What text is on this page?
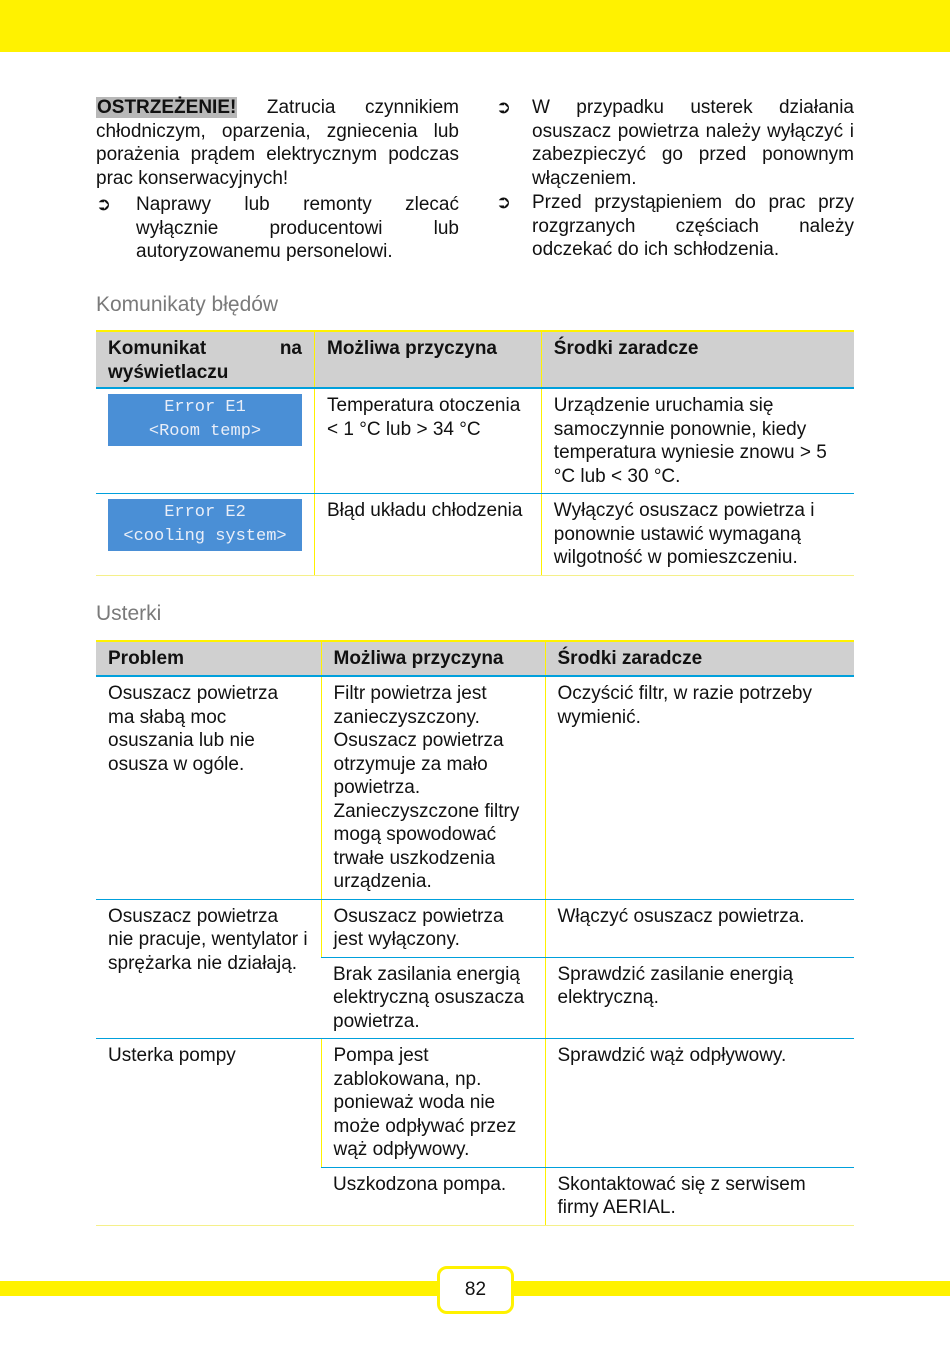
OSTRZEŻENIE! Zatrucia czynnikiem chłodniczym, oparzenia, zgniecenia lub porażenia prądem elektrycznym podczas prac konserwacyjnych!

➲	Naprawy lub remonty zlecać wyłącznie producentowi lub autoryzowanemu personelowi.
➲	W przypadku usterek działania osuszacz powietrza należy wyłączyć i zabezpieczyć go przed ponownym włączeniem.
➲	Przed przystąpieniem do prac przy rozgrzanych częściach należy odczekać do ich schłodzenia.
Komunikaty błędów
Komunikat na
wyświetlaczu	Możliwa przyczyna	Środki zaradcze

Error E1
<Room temp>	Temperatura otoczenia < 1 °C lub > 34 °C	Urządzenie uruchamia się samoczynnie ponownie, kiedy temperatura wyniesie znowu > 5 °C lub < 30 °C.

Error E2
<cooling system>	Błąd układu chłodzenia	Wyłączyć osuszacz powietrza i ponownie ustawić wymaganą wilgotność w pomieszczeniu.
Usterki
Problem	Możliwa przyczyna	Środki zaradcze
Osuszacz powietrza ma słabą moc osuszania lub nie osusza w ogóle.	Filtr powietrza jest zanieczyszczony. Osuszacz powietrza otrzymuje za mało powietrza. Zanieczyszczone filtry mogą spowodować trwałe uszkodzenia urządzenia.	Oczyścić filtr, w razie potrzeby wymienić.
Osuszacz powietrza nie pracuje, wentylator i sprężarka nie działają.	Osuszacz powietrza jest wyłączony.	Włączyć osuszacz powietrza.
	Brak zasilania energią elektryczną osuszacza powietrza.	Sprawdzić zasilanie energią elektryczną.
Usterka pompy	Pompa jest zablokowana, np. ponieważ woda nie może odpływać przez wąż odpływowy.	Sprawdzić wąż odpływowy.
	Uszkodzona pompa.	Skontaktować się z serwisem firmy AERIAL.
82
